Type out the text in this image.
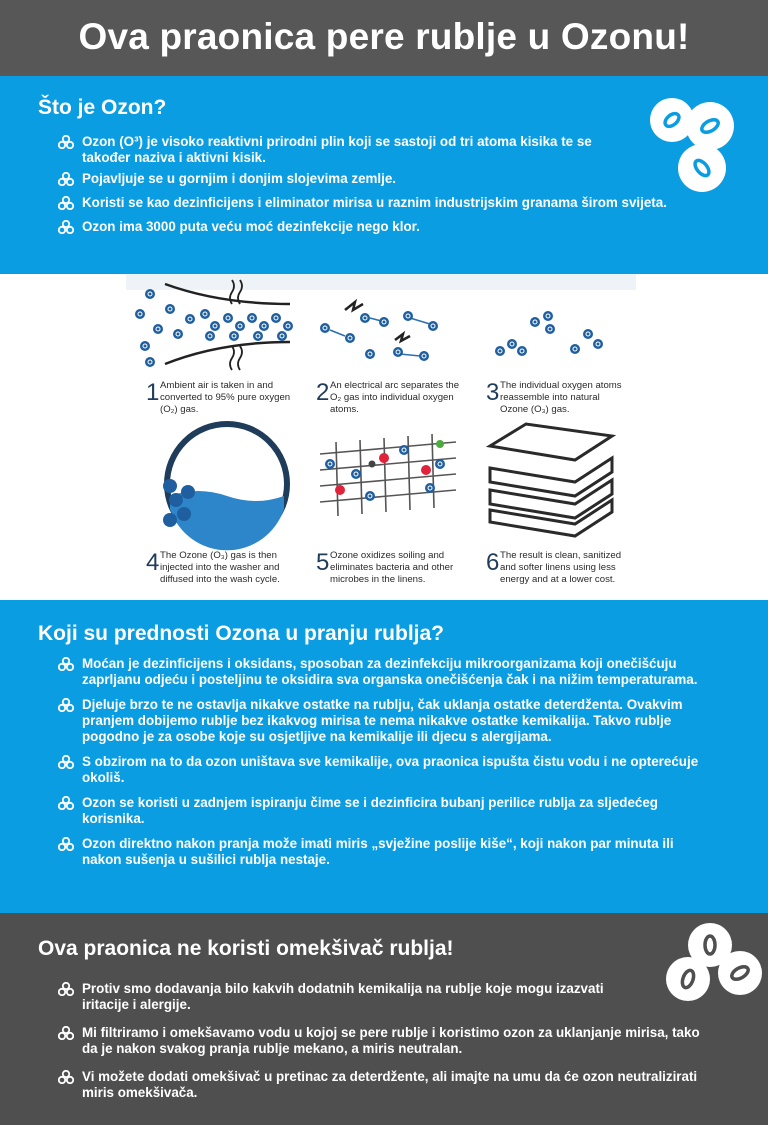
Ova praonica pere rublje u Ozonu!
Što je Ozon?
Ozon (O³) je visoko reaktivni prirodni plin koji se sastoji od tri atoma kisika te se također naziva i aktivni kisik.
Pojavljuje se u gornjim i donjim slojevima zemlje.
Koristi se kao dezinficijens i eliminator mirisa u raznim industrijskim granama širom svijeta.
Ozon ima 3000 puta veću moć dezinfekcije nego klor.
1 Ambient air is taken in and converted to 95% pure oxygen (O₂) gas.
2 An electrical arc separates the O₂ gas into individual oxygen atoms.
3 The individual oxygen atoms reassemble into natural Ozone (O₃) gas.
4 The Ozone (O₃) gas is then injected into the washer and diffused into the wash cycle.
5 Ozone oxidizes soiling and eliminates bacteria and other microbes in the linens.
6 The result is clean, sanitized and softer linens using less energy and at a lower cost.
Koji su prednosti Ozona u pranju rublja?
Moćan je dezinficijens i oksidans, sposoban za dezinfekciju mikroorganizama koji onečišćuju zaprljanu odjeću i posteljinu te oksidira sva organska onečišćenja čak i na nižim temperaturama.
Djeluje brzo te ne ostavlja nikakve ostatke na rublju, čak uklanja ostatke deterdženta. Ovakvim pranjem dobijemo rublje bez ikakvog mirisa te nema nikakve ostatke kemikalija. Takvo rublje pogodno je za osobe koje su osjetljive na kemikalije ili djecu s alergijama.
S obzirom na to da ozon uništava sve kemikalije, ova praonica ispušta čistu vodu i ne opterećuje okoliš.
Ozon se koristi u zadnjem ispiranju čime se i dezinficira bubanj perilice rublja za sljedećeg korisnika.
Ozon direktno nakon pranja može imati miris „svježine poslije kiše“, koji nakon par minuta ili nakon sušenja u sušilici rublja nestaje.
Ova praonica ne koristi omekšivač rublja!
Protiv smo dodavanja bilo kakvih dodatnih kemikalija na rublje koje mogu izazvati iritacije i alergije.
Mi filtriramo i omekšavamo vodu u kojoj se pere rublje i koristimo ozon za uklanjanje mirisa, tako da je nakon svakog pranja rublje mekano, a miris neutralan.
Vi možete dodati omekšivač u pretinac za deterdžente, ali imajte na umu da će ozon neutralizirati miris omekšivača.
